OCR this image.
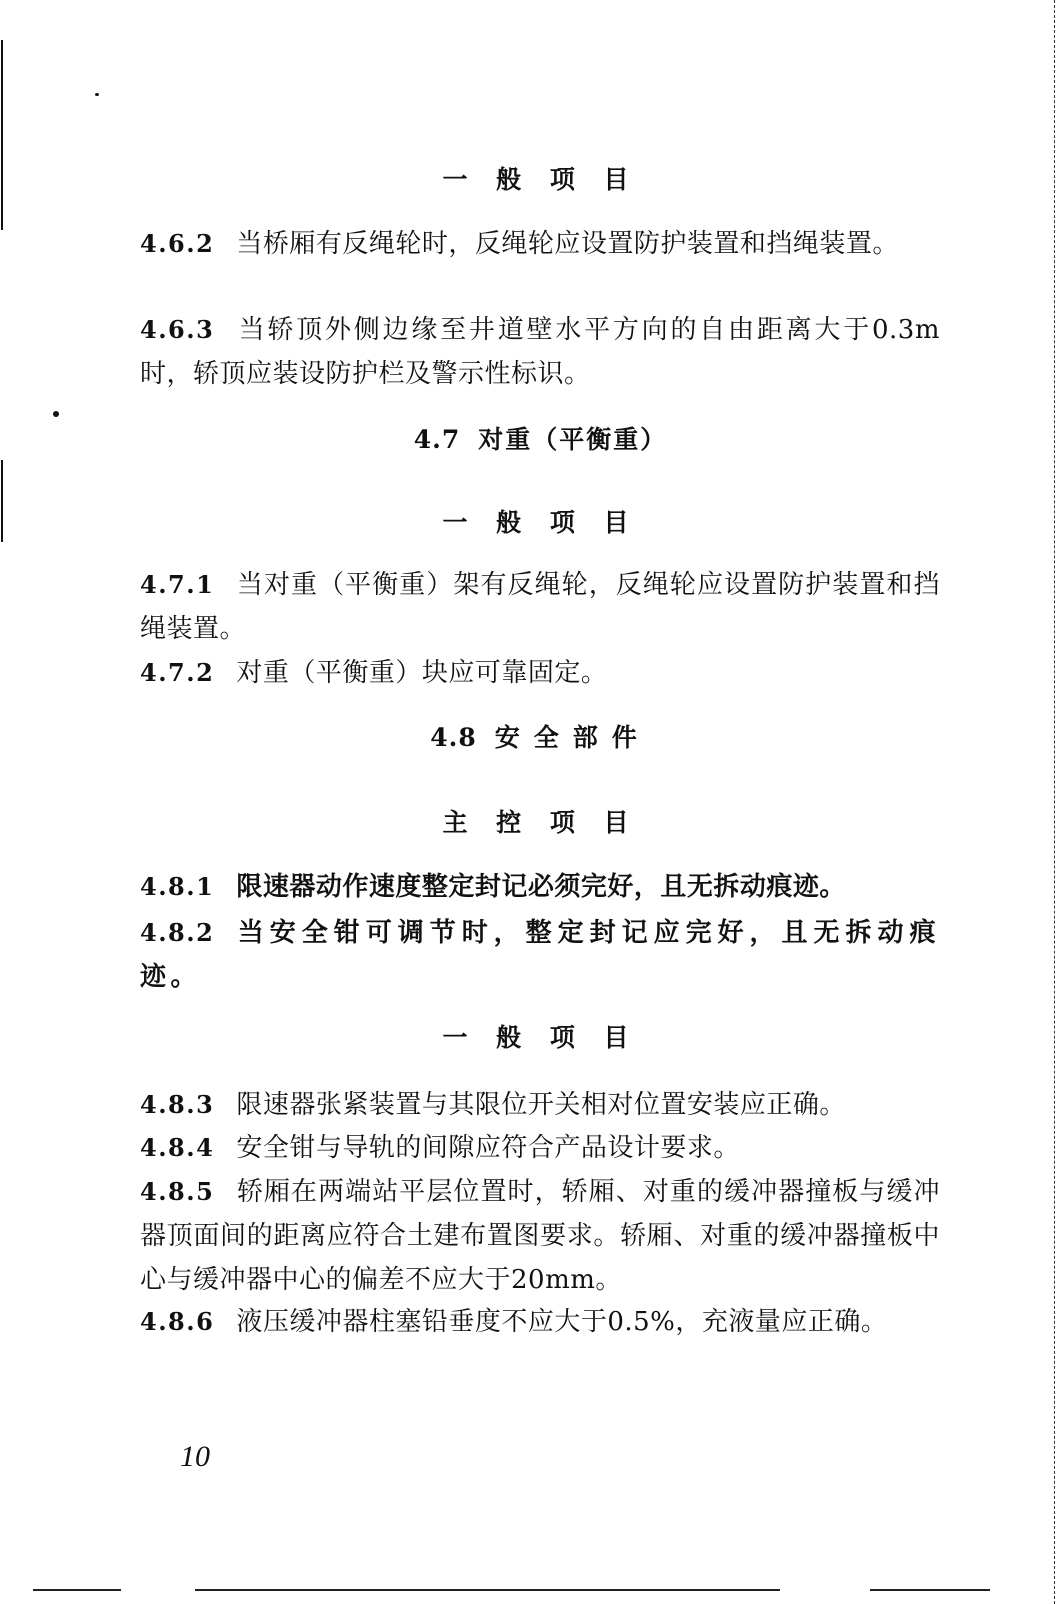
一 般 项 目
4.6.2 当桥厢有反绳轮时，反绳轮应设置防护装置和挡绳装置。
4.6.3 当轿顶外侧边缘至井道壁水平方向的自由距离大于0.3m时，轿顶应装设防护栏及警示性标识。
4.7 对重（平衡重）
一 般 项 目
4.7.1 当对重（平衡重）架有反绳轮，反绳轮应设置防护装置和挡绳装置。
4.7.2 对重（平衡重）块应可靠固定。
4.8 安全部件
主 控 项 目
4.8.1 限速器动作速度整定封记必须完好，且无拆动痕迹。
4.8.2 当安全钳可调节时，整定封记应完好，且无拆动痕迹。
一 般 项 目
4.8.3 限速器张紧装置与其限位开关相对位置安装应正确。
4.8.4 安全钳与导轨的间隙应符合产品设计要求。
4.8.5 轿厢在两端站平层位置时，轿厢、对重的缓冲器撞板与缓冲器顶面间的距离应符合土建布置图要求。轿厢、对重的缓冲器撞板中心与缓冲器中心的偏差不应大于20mm。
4.8.6 液压缓冲器柱塞铅垂度不应大于0.5%，充液量应正确。
10
